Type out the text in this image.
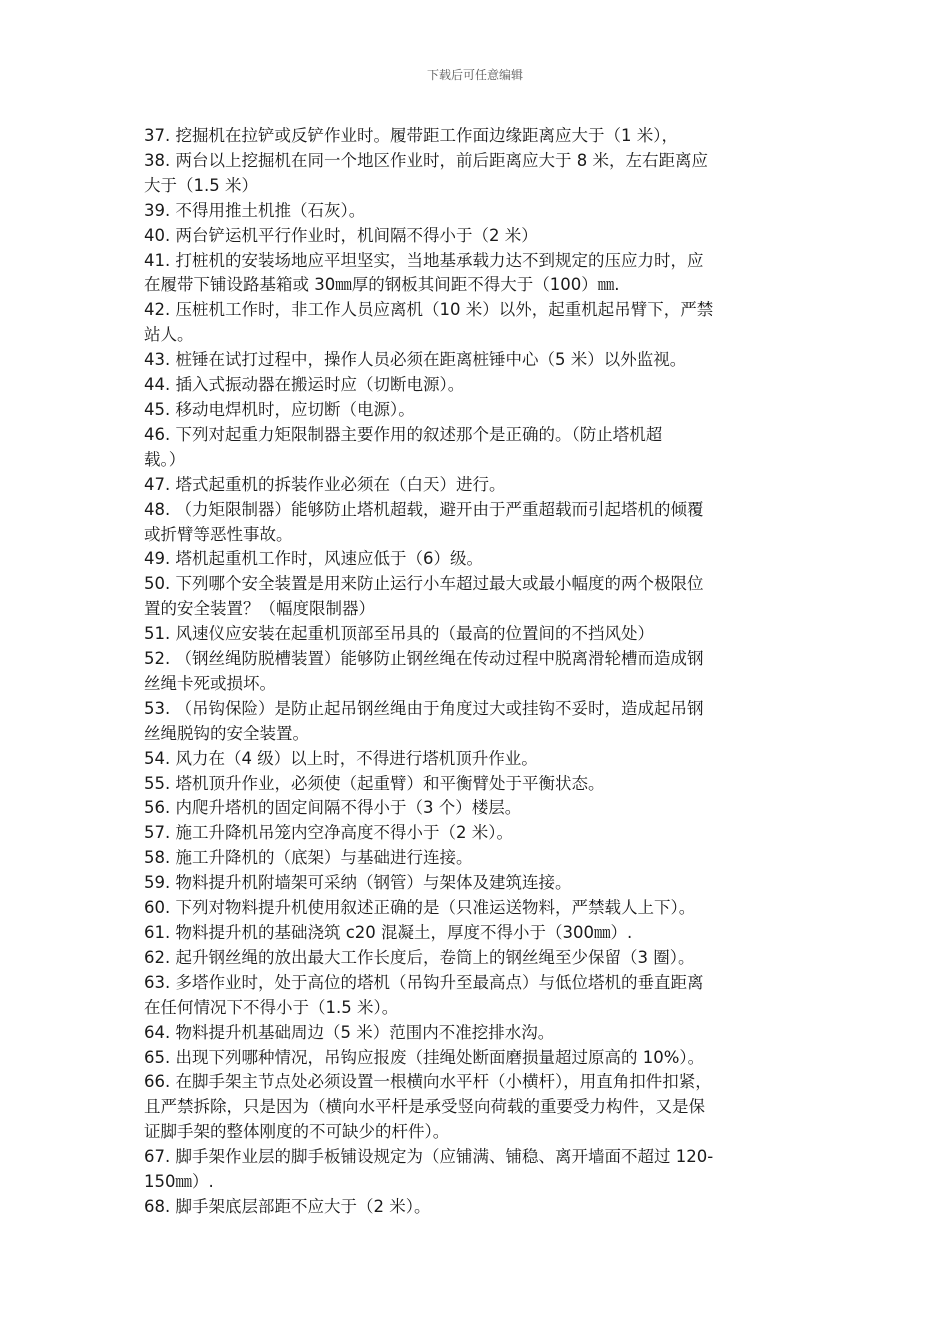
下载后可任意编辑

37. 挖掘机在拉铲或反铲作业时。履带距工作面边缘距离应大于（1 米），

38. 两台以上挖掘机在同一个地区作业时，前后距离应大于 8 米，左右距离应

大于（1.5 米）

39. 不得用推土机推（石灰）。

40. 两台铲运机平行作业时，机间隔不得小于（2 米）

41. 打桩机的安装场地应平坦坚实，当地基承载力达不到规定的压应力时，应

在履带下铺设路基箱或 30㎜厚的钢板其间距不得大于（100）㎜.

42. 压桩机工作时，非工作人员应离机（10 米）以外，起重机起吊臂下，严禁

站人。

43. 桩锤在试打过程中，操作人员必须在距离桩锤中心（5 米）以外监视。

44. 插入式振动器在搬运时应（切断电源）。

45. 移动电焊机时，应切断（电源）。

46. 下列对起重力矩限制器主要作用的叙述那个是正确的。（防止塔机超

载。）

47. 塔式起重机的拆装作业必须在（白天）进行。

48. （力矩限制器）能够防止塔机超载，避开由于严重超载而引起塔机的倾覆

或折臂等恶性事故。

49. 塔机起重机工作时，风速应低于（6）级。

50. 下列哪个安全装置是用来防止运行小车超过最大或最小幅度的两个极限位

置的安全装置？（幅度限制器）

51. 风速仪应安装在起重机顶部至吊具的（最高的位置间的不挡风处）

52. （钢丝绳防脱槽装置）能够防止钢丝绳在传动过程中脱离滑轮槽而造成钢

丝绳卡死或损坏。

53. （吊钩保险）是防止起吊钢丝绳由于角度过大或挂钩不妥时，造成起吊钢

丝绳脱钩的安全装置。

54. 风力在（4 级）以上时，不得进行塔机顶升作业。

55. 塔机顶升作业，必须使（起重臂）和平衡臂处于平衡状态。

56. 内爬升塔机的固定间隔不得小于（3 个）楼层。

57. 施工升降机吊笼内空净高度不得小于（2 米）。

58. 施工升降机的（底架）与基础进行连接。

59. 物料提升机附墙架可采纳（钢管）与架体及建筑连接。

60. 下列对物料提升机使用叙述正确的是（只准运送物料，严禁载人上下）。

61. 物料提升机的基础浇筑 c20 混凝土，厚度不得小于（300㎜）.

62. 起升钢丝绳的放出最大工作长度后，卷筒上的钢丝绳至少保留（3 圈）。

63. 多塔作业时，处于高位的塔机（吊钩升至最高点）与低位塔机的垂直距离

在任何情况下不得小于（1.5 米）。

64. 物料提升机基础周边（5 米）范围内不准挖排水沟。

65. 出现下列哪种情况，吊钩应报废（挂绳处断面磨损量超过原高的 10%）。

66. 在脚手架主节点处必须设置一根横向水平杆（小横杆），用直角扣件扣紧，

且严禁拆除，只是因为（横向水平杆是承受竖向荷载的重要受力构件，又是保

证脚手架的整体刚度的不可缺少的杆件）。

67. 脚手架作业层的脚手板铺设规定为（应铺满、铺稳、离开墙面不超过 120-

150㎜）.

68. 脚手架底层部距不应大于（2 米）。
